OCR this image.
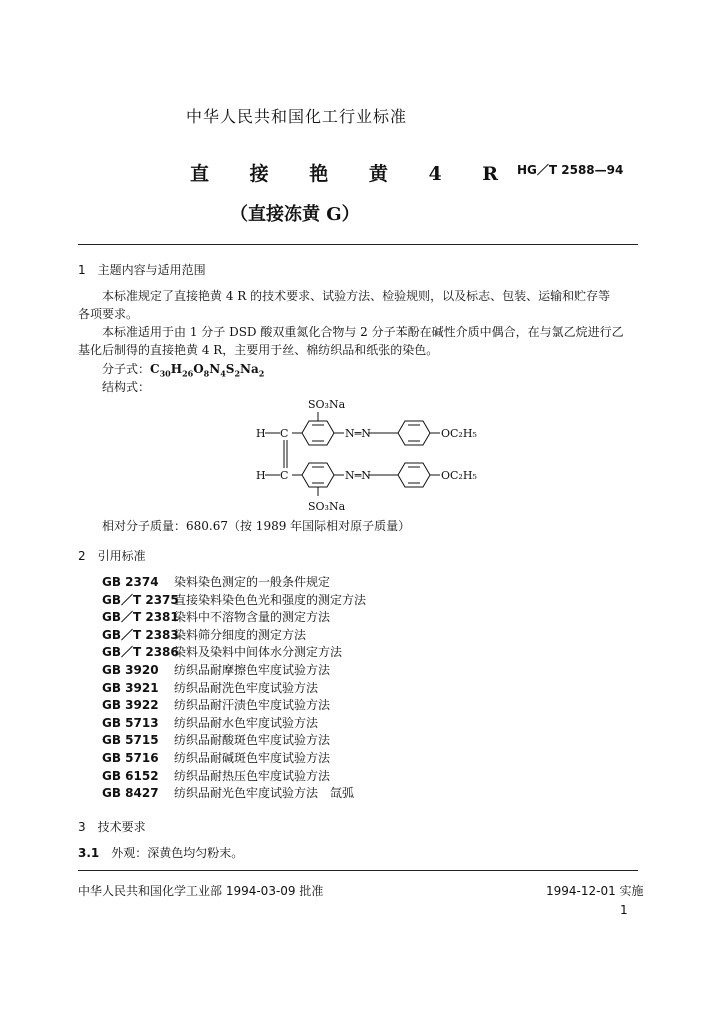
中华人民共和国化工行业标准
直 接 艳 黄 4 R HG／T 2588—94
（直接冻黄 G）
1　主题内容与适用范围
本标准规定了直接艳黄 4 R 的技术要求、试验方法、检验规则，以及标志、包装、运输和贮存等
各项要求。
本标准适用于由 1 分子 DSD 酸双重氮化合物与 2 分子苯酚在碱性介质中偶合，在与氯乙烷进行乙
基化后制得的直接艳黄 4 R，主要用于丝、棉纺织品和纸张的染色。
分子式：$C_{30}H_{26}O_8N_4S_2Na_2$
结构式：
SO₃Na
SO₃Na
H
H
C
C
N═N
N═N
OC₂H₅
OC₂H₅
相对分子质量：680.67（按 1989 年国际相对原子质量）
2　引用标准
GB 2374 染料染色测定的一般条件规定
GB／T 2375直接染料染色色光和强度的测定方法
GB／T 2381染料中不溶物含量的测定方法
GB／T 2383染料筛分细度的测定方法
GB／T 2386染料及染料中间体水分测定方法
GB 3920 纺织品耐摩擦色牢度试验方法
GB 3921 纺织品耐洗色牢度试验方法
GB 3922 纺织品耐汗渍色牢度试验方法
GB 5713 纺织品耐水色牢度试验方法
GB 5715 纺织品耐酸斑色牢度试验方法
GB 5716 纺织品耐碱斑色牢度试验方法
GB 6152 纺织品耐热压色牢度试验方法
GB 8427 纺织品耐光色牢度试验方法　氙弧
3　技术要求
3.1　 外观：深黄色均匀粉末。
中华人民共和国化学工业部 1994-03-09 批准	1994-12-01 实施
1
